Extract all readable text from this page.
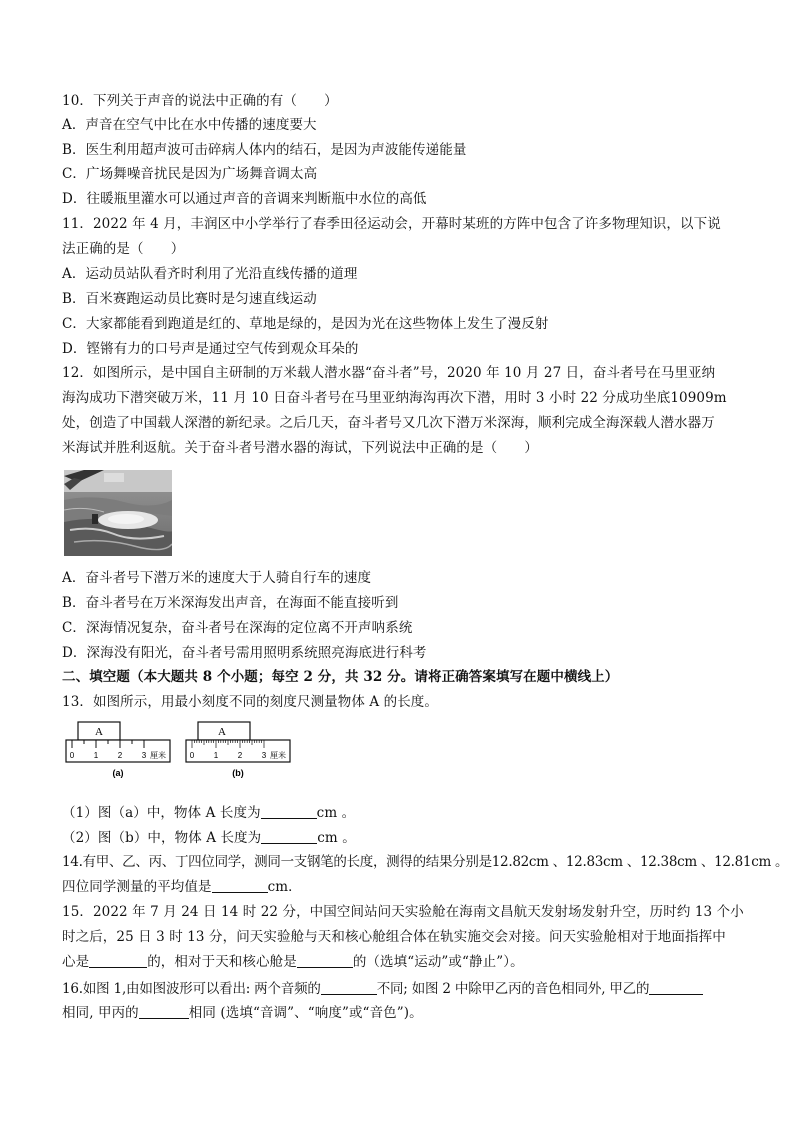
10．下列关于声音的说法中正确的有（　　）
A．声音在空气中比在水中传播的速度要大
B．医生利用超声波可击碎病人体内的结石，是因为声波能传递能量
C．广场舞噪音扰民是因为广场舞音调太高
D．往暖瓶里灌水可以通过声音的音调来判断瓶中水位的高低
11．2022 年 4 月，丰润区中小学举行了春季田径运动会，开幕时某班的方阵中包含了许多物理知识，以下说
法正确的是（　　）
A．运动员站队看齐时利用了光沿直线传播的道理
B．百米赛跑运动员比赛时是匀速直线运动
C．大家都能看到跑道是红的、草地是绿的，是因为光在这些物体上发生了漫反射
D．铿锵有力的口号声是通过空气传到观众耳朵的
12．如图所示，是中国自主研制的万米载人潜水器“奋斗者”号，2020 年 10 月 27 日，奋斗者号在马里亚纳
海沟成功下潜突破万米，11 月 10 日奋斗者号在马里亚纳海沟再次下潜，用时 3 小时 22 分成功坐底10909m
处，创造了中国载人深潜的新纪录。之后几天，奋斗者号又几次下潜万米深海，顺利完成全海深载人潜水器万
米海试并胜利返航。关于奋斗者号潜水器的海试，下列说法中正确的是（　　）
A．奋斗者号下潜万米的速度大于人骑自行车的速度
B．奋斗者号在万米深海发出声音，在海面不能直接听到
C．深海情况复杂，奋斗者号在深海的定位离不开声呐系统
D．深海没有阳光，奋斗者号需用照明系统照亮海底进行科考
二、填空题（本大题共 8 个小题；每空 2 分，共 32 分。请将正确答案填写在题中横线上）
13．如图所示，用最小刻度不同的刻度尺测量物体 A 的长度。
A
0 1 2 3 厘米
(a)
A
0 1 2 3 厘米
(b)
（1）图（a）中，物体 A 长度为	cm 。
（2）图（b）中，物体 A 长度为	cm 。
14.有甲、乙、丙、丁四位同学，测同一支钢笔的长度，测得的结果分别是12.82cm 、12.83cm 、12.38cm 、12.81cm 。
四位同学测量的平均值是	cm．
15．2022 年 7 月 24 日 14 时 22 分，中国空间站问天实验舱在海南文昌航天发射场发射升空，历时约 13 个小
时之后，25 日 3 时 13 分，问天实验舱与天和核心舱组合体在轨实施交会对接。问天实验舱相对于地面指挥中
心是	的，相对于天和核心舱是	的（选填“运动”或“静止”）。
16.如图 1,由如图波形可以看出: 两个音频的	不同; 如图 2 中除甲乙丙的音色相同外, 甲乙的
相同, 甲丙的	相同 (选填“音调”、“响度”或“音色”)。
